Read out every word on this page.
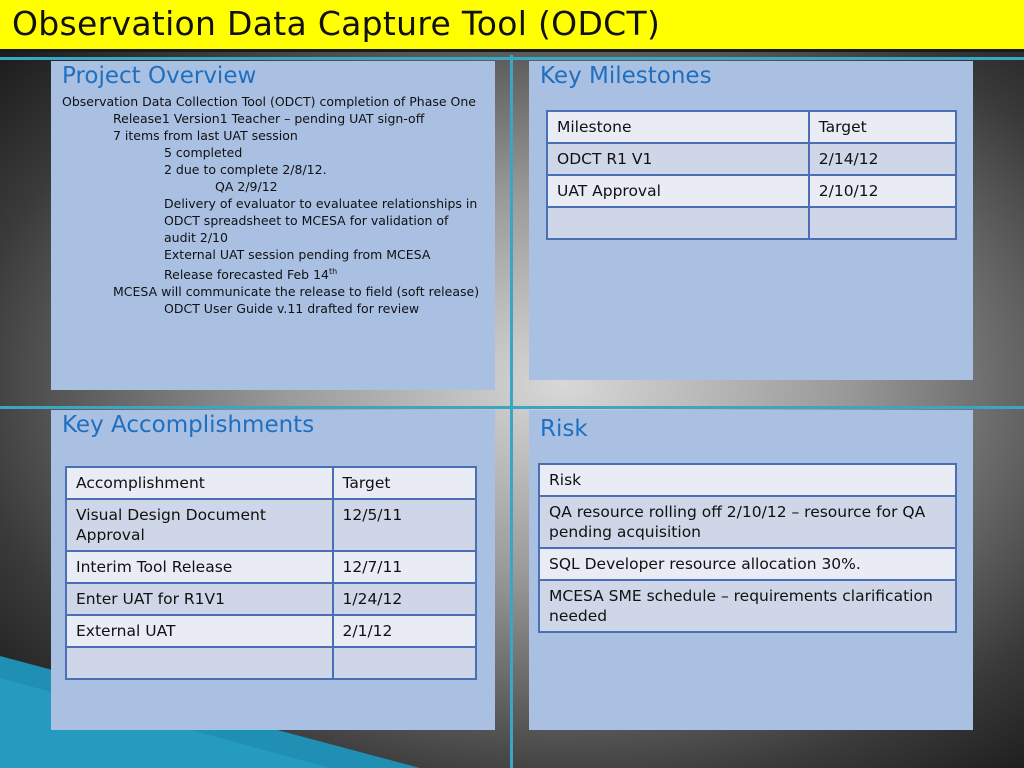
Observation Data Capture Tool (ODCT)
Project Overview
Observation Data Collection Tool (ODCT) completion of Phase One
Release1 Version1 Teacher – pending UAT sign-off
7 items from last UAT session
5 completed
2 due to complete 2/8/12.
QA 2/9/12
Delivery of evaluator to evaluatee relationships in ODCT spreadsheet to MCESA for validation of audit 2/10
External UAT session pending from MCESA
Release forecasted Feb 14th
MCESA will communicate the release to field (soft release)
ODCT User Guide v.11 drafted for review
Key Milestones
Milestone	Target
ODCT R1 V1	2/14/12
UAT Approval	2/10/12

Key Accomplishments
Accomplishment	Target
Visual Design Document Approval	12/5/11
Interim Tool Release	12/7/11
Enter UAT for R1V1	1/24/12
External UAT	2/1/12

Risk
Risk
QA resource rolling off 2/10/12 – resource for QA pending acquisition
SQL Developer resource allocation 30%.
MCESA SME schedule – requirements clarification needed
